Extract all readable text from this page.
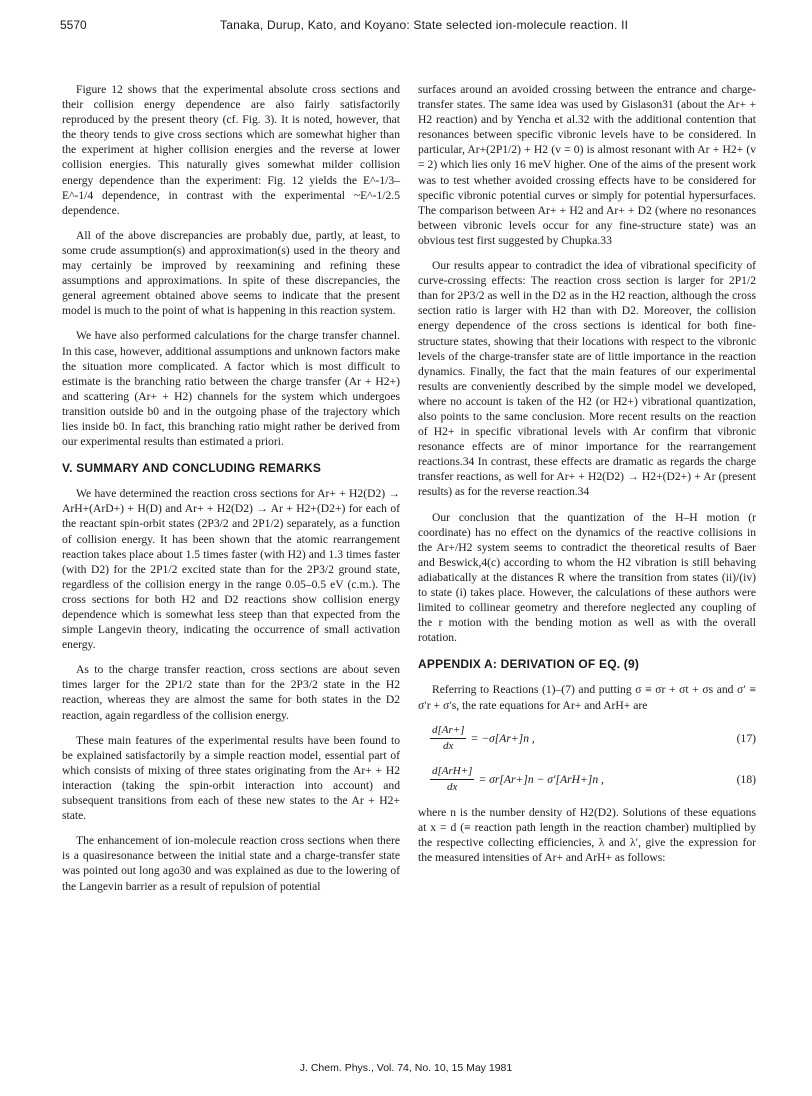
5570	Tanaka, Durup, Kato, and Koyano: State selected ion-molecule reaction. II

Figure 12 shows that the experimental absolute cross sections and their collision energy dependence are also fairly satisfactorily reproduced by the present theory (cf. Fig. 3). It is noted, however, that the theory tends to give cross sections which are somewhat higher than the experiment at higher collision energies and the reverse at lower collision energies. This naturally gives somewhat milder collision energy dependence than the experiment: Fig. 12 yields the E^-1/3–E^-1/4 dependence, in contrast with the experimental ~E^-1/2.5 dependence.

All of the above discrepancies are probably due, partly, at least, to some crude assumption(s) and approximation(s) used in the theory and may certainly be improved by reexamining and refining these assumptions and approximations. In spite of these discrepancies, the general agreement obtained above seems to indicate that the present model is much to the point of what is happening in this reaction system.

We have also performed calculations for the charge transfer channel. In this case, however, additional assumptions and unknown factors make the situation more complicated. A factor which is most difficult to estimate is the branching ratio between the charge transfer (Ar + H2+) and scattering (Ar+ + H2) channels for the system which undergoes transition outside b0 and in the outgoing phase of the trajectory which lies inside b0. In fact, this branching ratio might rather be derived from our experimental results than estimated a priori.

V. SUMMARY AND CONCLUDING REMARKS

We have determined the reaction cross sections for Ar+ + H2(D2) → ArH+(ArD+) + H(D) and Ar+ + H2(D2) → Ar + H2+(D2+) for each of the reactant spin-orbit states (2P3/2 and 2P1/2) separately, as a function of collision energy. It has been shown that the atomic rearrangement reaction takes place about 1.5 times faster (with H2) and 1.3 times faster (with D2) for the 2P1/2 excited state than for the 2P3/2 ground state, regardless of the collision energy in the range 0.05–0.5 eV (c.m.). The cross sections for both H2 and D2 reactions show collision energy dependence which is somewhat less steep than that expected from the simple Langevin theory, indicating the occurrence of small activation energy.

As to the charge transfer reaction, cross sections are about seven times larger for the 2P1/2 state than for the 2P3/2 state in the H2 reaction, whereas they are almost the same for both states in the D2 reaction, again regardless of the collision energy.

These main features of the experimental results have been found to be explained satisfactorily by a simple reaction model, essential part of which consists of mixing of three states originating from the Ar+ + H2 interaction (taking the spin-orbit interaction into account) and subsequent transitions from each of these new states to the Ar + H2+ state.

The enhancement of ion-molecule reaction cross sections when there is a quasiresonance between the initial state and a charge-transfer state was pointed out long ago30 and was explained as due to the lowering of the Langevin barrier as a result of repulsion of potential

surfaces around an avoided crossing between the entrance and charge-transfer states. The same idea was used by Gislason31 (about the Ar+ + H2 reaction) and by Yencha et al.32 with the additional contention that resonances between specific vibronic levels have to be considered. In particular, Ar+(2P1/2) + H2 (v = 0) is almost resonant with Ar + H2+ (v = 2) which lies only 16 meV higher. One of the aims of the present work was to test whether avoided crossing effects have to be considered for specific vibronic potential curves or simply for potential hypersurfaces. The comparison between Ar+ + H2 and Ar+ + D2 (where no resonances between vibronic levels occur for any fine-structure state) was an obvious test first suggested by Chupka.33

Our results appear to contradict the idea of vibrational specificity of curve-crossing effects: The reaction cross section is larger for 2P1/2 than for 2P3/2 as well in the D2 as in the H2 reaction, although the cross section ratio is larger with H2 than with D2. Moreover, the collision energy dependence of the cross sections is identical for both fine-structure states, showing that their locations with respect to the vibronic levels of the charge-transfer state are of little importance in the reaction dynamics. Finally, the fact that the main features of our experimental results are conveniently described by the simple model we developed, where no account is taken of the H2 (or H2+) vibrational quantization, also points to the same conclusion. More recent results on the reaction of H2+ in specific vibrational levels with Ar confirm that vibronic resonance effects are of minor importance for the rearrangement reactions.34 In contrast, these effects are dramatic as regards the charge transfer reactions, as well for Ar+ + H2(D2) → H2+(D2+) + Ar (present results) as for the reverse reaction.34

Our conclusion that the quantization of the H–H motion (r coordinate) has no effect on the dynamics of the reactive collisions in the Ar+/H2 system seems to contradict the theoretical results of Baer and Beswick,4(c) according to whom the H2 vibration is still behaving adiabatically at the distances R where the transition from states (ii)/(iv) to state (i) takes place. However, the calculations of these authors were limited to collinear geometry and therefore neglected any coupling of the r motion with the bending motion as well as with the overall rotation.

APPENDIX A: DERIVATION OF EQ. (9)

Referring to Reactions (1)–(7) and putting σ ≡ σr + σt + σs and σ′ ≡ σ′r + σ′s, the rate equations for Ar+ and ArH+ are

$\frac{d[Ar+]}{dx} = -\sigma[Ar+]n$ ,	(17)
$\frac{\text{d[ArH+]}}{dx} = \sigma r[Ar+]n - \sigma'[ArH+]n$ ,	(18)

where n is the number density of H2(D2). Solutions of these equations at x = d (≡ reaction path length in the reaction chamber) multiplied by the respective collecting efficiencies, λ and λ′, give the expression for the measured intensities of Ar+ and ArH+ as follows:

J. Chem. Phys., Vol. 74, No. 10, 15 May 1981
